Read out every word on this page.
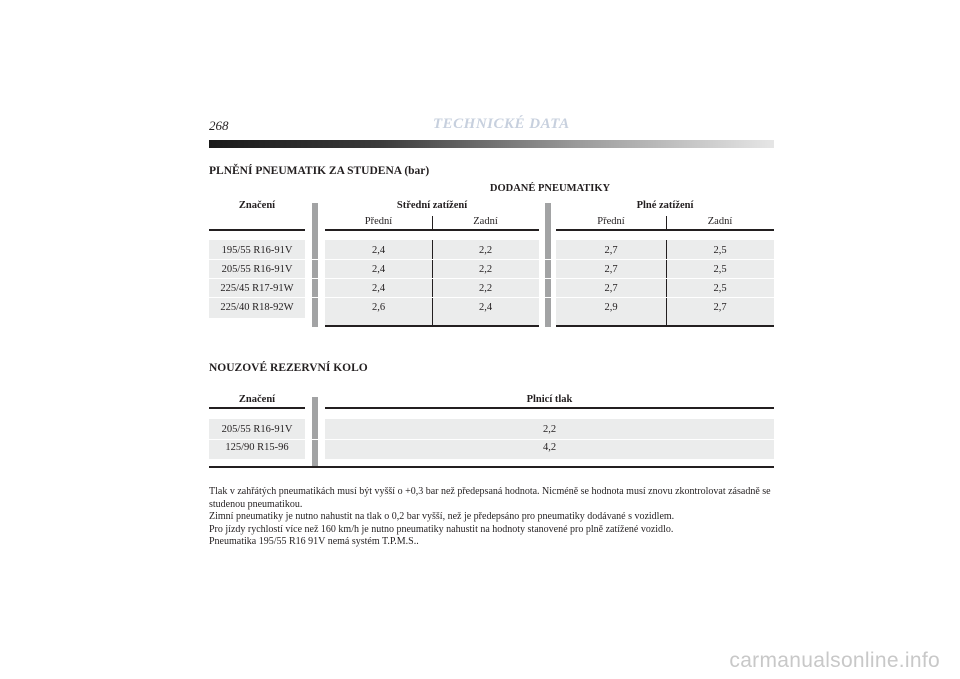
268	TECHNICKÉ DATA
PLNĚNÍ PNEUMATIK ZA STUDENA (bar)
DODANÉ PNEUMATIKY
Značení	Střední zatížení	Plné zatížení
Přední	Zadní	Přední	Zadní
195/55 R16-91V	2,4	2,2	2,7	2,5
205/55 R16-91V	2,4	2,2	2,7	2,5
225/45 R17-91W	2,4	2,2	2,7	2,5
225/40 R18-92W	2,6	2,4	2,9	2,7
NOUZOVÉ REZERVNÍ KOLO
Značení	Plnicí tlak
205/55 R16-91V	2,2
125/90 R15-96	4,2

Tlak v zahřátých pneumatikách musí být vyšší o +0,3 bar než předepsaná hodnota. Nicméně se hodnota musí znovu zkontrolovat zásadně se studenou pneumatikou.

Zimní pneumatiky je nutno nahustit na tlak o 0,2 bar vyšší, než je předepsáno pro pneumatiky dodávané s vozidlem.

Pro jízdy rychlostí více než 160 km/h je nutno pneumatiky nahustit na hodnoty stanovené pro plně zatížené vozidlo.

Pneumatika 195/55 R16 91V nemá systém T.P.M.S..

carmanualsonline.info
